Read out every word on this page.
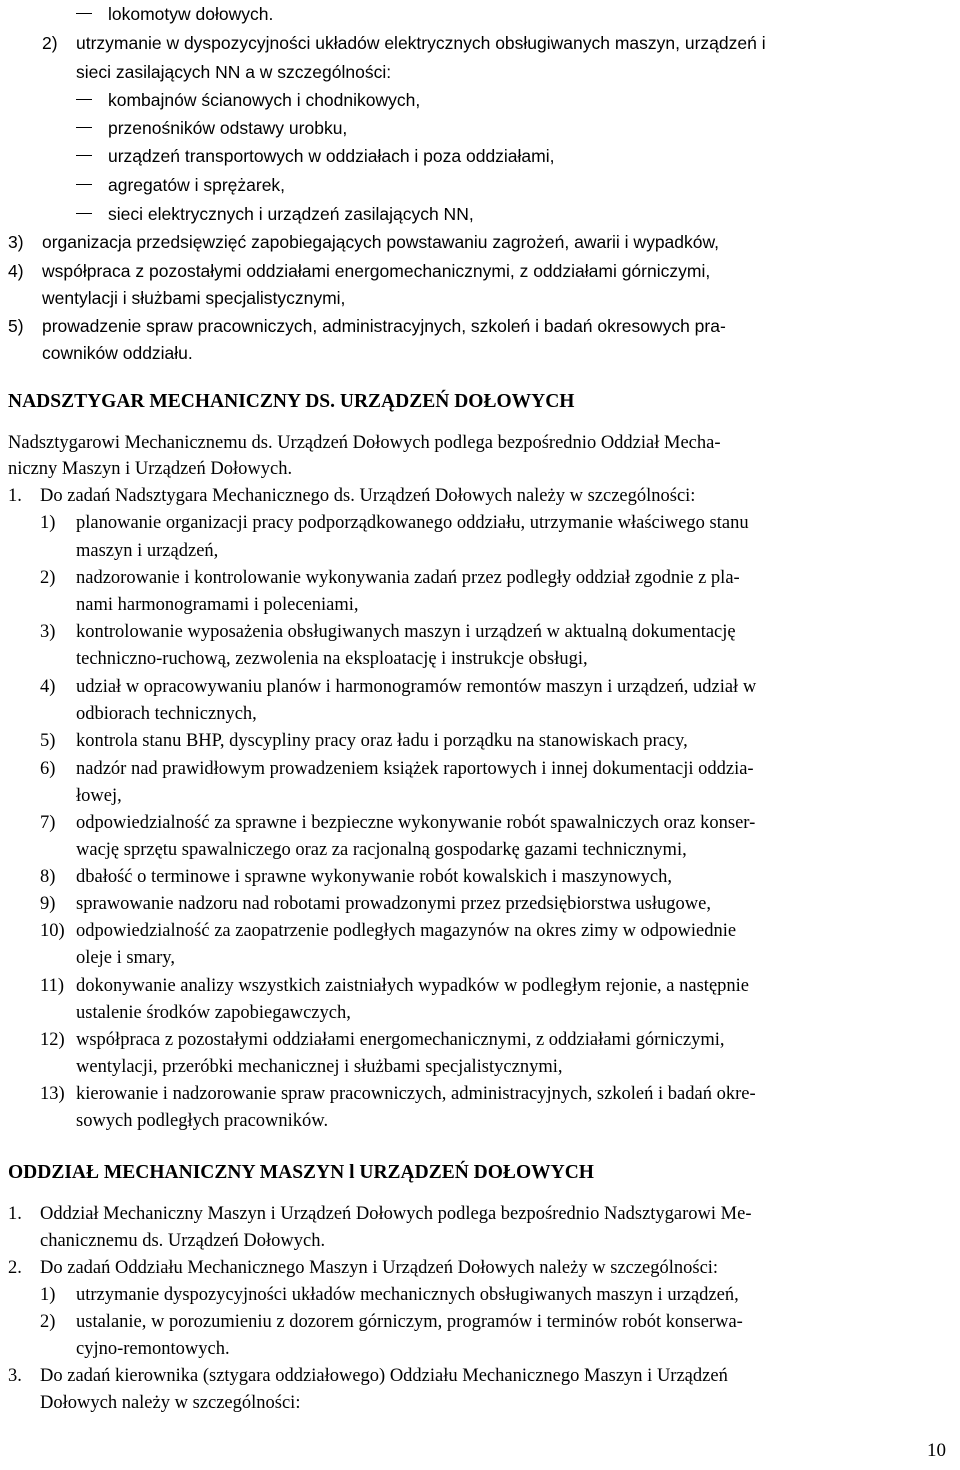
lokomotyw dołowych.
2) utrzymanie w dyspozycyjności układów elektrycznych obsługiwanych maszyn, urządzeń i
sieci zasilających NN a w szczególności:
kombajnów ścianowych i chodnikowych,
przenośników odstawy urobku,
urządzeń transportowych w oddziałach i poza oddziałami,
agregatów i sprężarek,
sieci elektrycznych i urządzeń zasilających NN,
3) organizacja przedsięwzięć zapobiegających powstawaniu zagrożeń, awarii i wypadków,
4) współpraca z pozostałymi oddziałami energomechanicznymi, z oddziałami górniczymi,
wentylacji i służbami specjalistycznymi,
5) prowadzenie spraw pracowniczych, administracyjnych, szkoleń i badań okresowych pra-
cowników oddziału.
NADSZTYGAR MECHANICZNY DS. URZĄDZEŃ DOŁOWYCH
Nadsztygarowi Mechanicznemu ds. Urządzeń Dołowych podlega bezpośrednio Oddział Mecha-
niczny Maszyn i Urządzeń Dołowych.
1. Do zadań Nadsztygara Mechanicznego ds. Urządzeń Dołowych należy w szczególności:
1) planowanie organizacji pracy podporządkowanego oddziału, utrzymanie właściwego stanu
maszyn i urządzeń,
2) nadzorowanie i kontrolowanie wykonywania zadań przez podległy oddział zgodnie z pla-
nami harmonogramami i poleceniami,
3) kontrolowanie wyposażenia obsługiwanych maszyn i urządzeń w aktualną dokumentację
techniczno-ruchową, zezwolenia na eksploatację i instrukcje obsługi,
4) udział w opracowywaniu planów i harmonogramów remontów maszyn i urządzeń, udział w
odbiorach technicznych,
5) kontrola stanu BHP, dyscypliny pracy oraz ładu i porządku na stanowiskach pracy,
6) nadzór nad prawidłowym prowadzeniem książek raportowych i innej dokumentacji oddzia-
łowej,
7) odpowiedzialność za sprawne i bezpieczne wykonywanie robót spawalniczych oraz konser-
wację sprzętu spawalniczego oraz za racjonalną gospodarkę gazami technicznymi,
8) dbałość o terminowe i sprawne wykonywanie robót kowalskich i maszynowych,
9) sprawowanie nadzoru nad robotami prowadzonymi przez przedsiębiorstwa usługowe,
10) odpowiedzialność za zaopatrzenie podległych magazynów na okres zimy w odpowiednie
oleje i smary,
11) dokonywanie analizy wszystkich zaistniałych wypadków w podległym rejonie, a następnie
ustalenie środków zapobiegawczych,
12) współpraca z pozostałymi oddziałami energomechanicznymi, z oddziałami górniczymi,
wentylacji, przeróbki mechanicznej i służbami specjalistycznymi,
13) kierowanie i nadzorowanie spraw pracowniczych, administracyjnych, szkoleń i badań okre-
sowych podległych pracowników.
ODDZIAŁ MECHANICZNY MASZYN l URZĄDZEŃ DOŁOWYCH
1. Oddział Mechaniczny Maszyn i Urządzeń Dołowych podlega bezpośrednio Nadsztygarowi Me-
chanicznemu ds. Urządzeń Dołowych.
2. Do zadań Oddziału Mechanicznego Maszyn i Urządzeń Dołowych należy w szczególności:
1) utrzymanie dyspozycyjności układów mechanicznych obsługiwanych maszyn i urządzeń,
2) ustalanie, w porozumieniu z dozorem górniczym, programów i terminów robót konserwa-
cyjno-remontowych.
3. Do zadań kierownika (sztygara oddziałowego) Oddziału Mechanicznego Maszyn i Urządzeń
Dołowych należy w szczególności:
10
